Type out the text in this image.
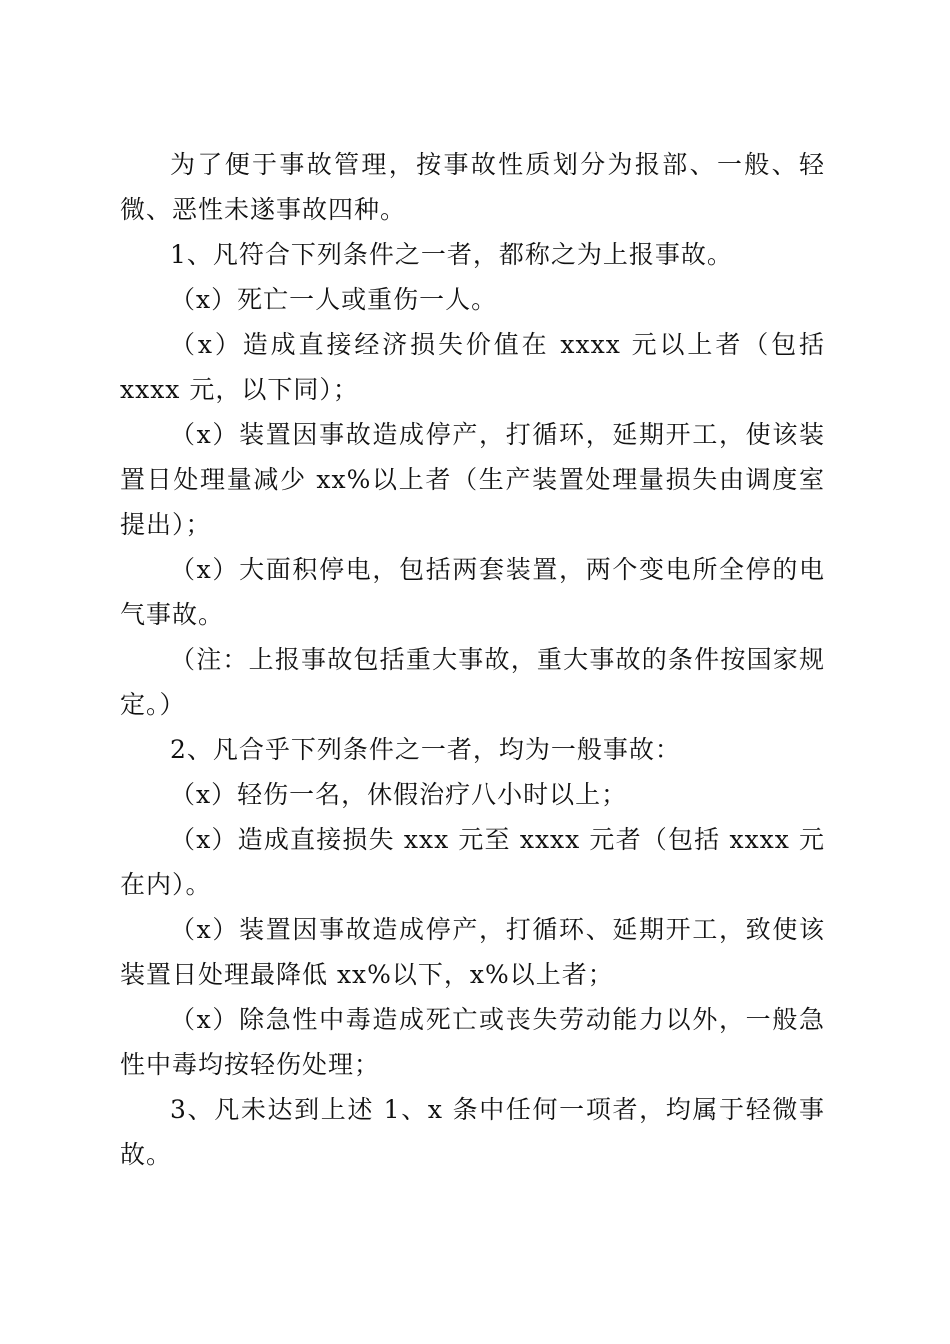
为了便于事故管理，按事故性质划分为报部、一般、轻微、恶性未遂事故四种。

1、凡符合下列条件之一者，都称之为上报事故。

（x）死亡一人或重伤一人。

（x）造成直接经济损失价值在 xxxx 元以上者（包括 xxxx 元，以下同）；

（x）装置因事故造成停产，打循环，延期开工，使该装置日处理量减少 xx%以上者（生产装置处理量损失由调度室提出）；

（x）大面积停电，包括两套装置，两个变电所全停的电气事故。

（注：上报事故包括重大事故，重大事故的条件按国家规定。）

2、凡合乎下列条件之一者，均为一般事故：

（x）轻伤一名，休假治疗八小时以上；

（x）造成直接损失 xxx 元至 xxxx 元者（包括 xxxx 元在内）。

（x）装置因事故造成停产，打循环、延期开工，致使该装置日处理最降低 xx%以下，x%以上者；

（x）除急性中毒造成死亡或丧失劳动能力以外，一般急性中毒均按轻伤处理；

3、凡未达到上述 1、x 条中任何一项者，均属于轻微事故。
